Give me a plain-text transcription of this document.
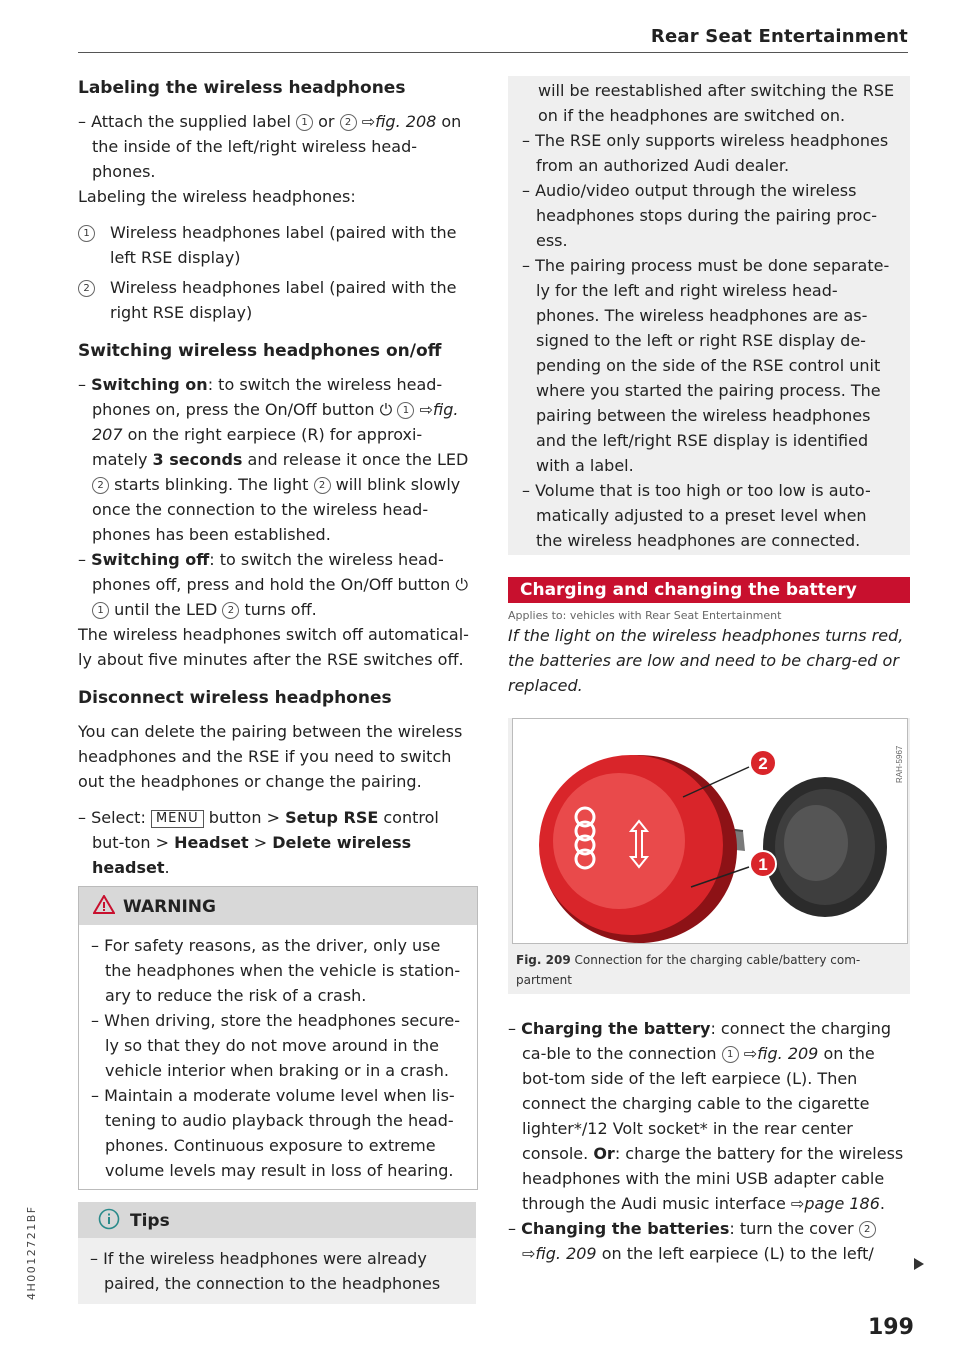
Rear Seat Entertainment
4H0012721BF
Labeling the wireless headphones

– Attach the supplied label 1 or 2 ⇨fig. 208 on the inside of the left/right wireless head-phones.

Labeling the wireless headphones:

1	Wireless headphones label (paired with the left RSE display)
2	Wireless headphones label (paired with the right RSE display)
Switching wireless headphones on/off

– Switching on: to switch the wireless head-phones on, press the On/Off button ⏻ 1 ⇨fig. 207 on the right earpiece (R) for approxi-mately 3 seconds and release it once the LED 2 starts blinking. The light 2 will blink slowly once the connection to the wireless head-phones has been established.

– Switching off: to switch the wireless head-phones off, press and hold the On/Off button ⏻ 1 until the LED 2 turns off.

The wireless headphones switch off automatical-ly about five minutes after the RSE switches off.

Disconnect wireless headphones

You can delete the pairing between the wireless headphones and the RSE if you need to switch out the headphones or change the pairing.

– Select: MENU button > Setup RSE control but-ton > Headset > Delete wireless headset.

WARNING

– For safety reasons, as the driver, only use the headphones when the vehicle is station-ary to reduce the risk of a crash.

– When driving, store the headphones secure-ly so that they do not move around in the vehicle interior when braking or in a crash.

– Maintain a moderate volume level when lis-tening to audio playback through the head-phones. Continuous exposure to extreme volume levels may result in loss of hearing.

Tips

– If the wireless headphones were already paired, the connection to the headphones

will be reestablished after switching the RSE on if the headphones are switched on.

– The RSE only supports wireless headphones from an authorized Audi dealer.

– Audio/video output through the wireless headphones stops during the pairing proc-ess.

– The pairing process must be done separate-ly for the left and right wireless head-phones. The wireless headphones are as-signed to the left or right RSE display de-pending on the side of the RSE control unit where you started the pairing process. The pairing between the wireless headphones and the left/right RSE display is identified with a label.

– Volume that is too high or too low is auto-matically adjusted to a preset level when the wireless headphones are connected.

Charging and changing the battery
Applies to: vehicles with Rear Seat Entertainment

If the light on the wireless headphones turns red, the batteries are low and need to be charg-ed or replaced.

2
1
RAH-5967
Fig. 209 Connection for the charging cable/battery com-partment

– Charging the battery: connect the charging ca-ble to the connection 1 ⇨fig. 209 on the bot-tom side of the left earpiece (L). Then connect the charging cable to the cigarette lighter*/12 Volt socket* in the rear center console. Or: charge the battery for the wireless headphones with the mini USB adapter cable through the Audi music interface ⇨page 186.

– Changing the batteries: turn the cover 2 ⇨fig. 209 on the left earpiece (L) to the left/

199
